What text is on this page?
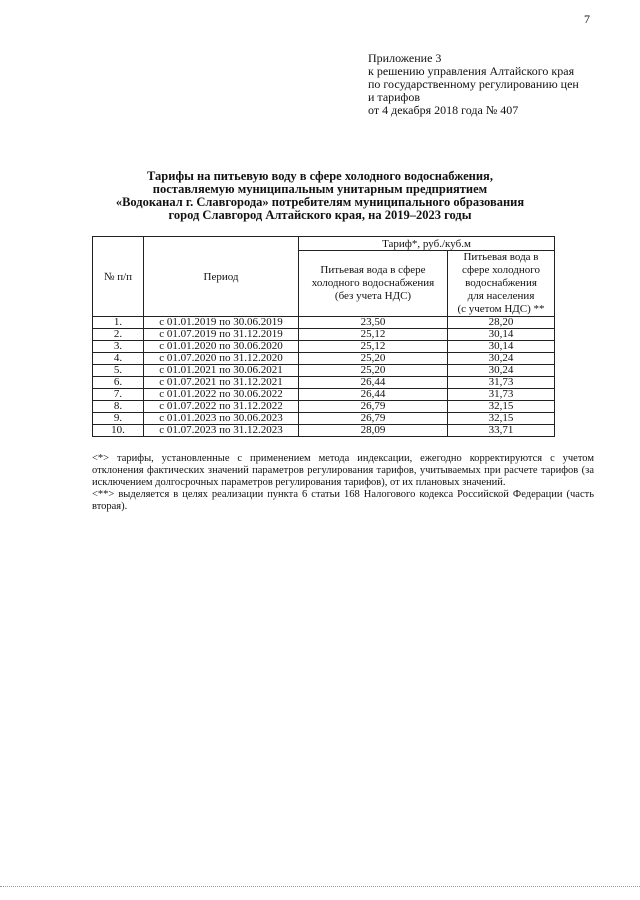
7
Приложение 3
к решению управления Алтайского края
по государственному регулированию цен
и тарифов
от 4 декабря 2018 года № 407
Тарифы на питьевую воду в сфере холодного водоснабжения,
поставляемую муниципальным унитарным предприятием
«Водоканал г. Славгорода» потребителям муниципального образования
город Славгород Алтайского края, на 2019–2023 годы
№ п/п	Период	Тариф*, руб./куб.м	
		Питьевая вода в сфере холодного водоснабжения (без учета НДС)	Питьевая вода в сфере холодного водоснабжения
для населения
(с учетом НДС) **

1.	с 01.01.2019 по 30.06.2019	23,50	28,20
2.	с 01.07.2019 по 31.12.2019	25,12	30,14
3.	с 01.01.2020 по 30.06.2020	25,12	30,14
4.	с 01.07.2020 по 31.12.2020	25,20	30,24
5.	с 01.01.2021 по 30.06.2021	25,20	30,24
6.	с 01.07.2021 по 31.12.2021	26,44	31,73
7.	с 01.01.2022 по 30.06.2022	26,44	31,73
8.	с 01.07.2022 по 31.12.2022	26,79	32,15
9.	с 01.01.2023 по 30.06.2023	26,79	32,15
10.	с 01.07.2023 по 31.12.2023	28,09	33,71

<*> тарифы, установленные с применением метода индексации, ежегодно корректируются с учетом отклонения фактических значений параметров регулирования тарифов, учитываемых при расчете тарифов (за исключением долгосрочных параметров регулирования тарифов), от их плановых значений.

<**> выделяется в целях реализации пункта 6 статьи 168 Налогового кодекса Российской Федерации (часть вторая).
